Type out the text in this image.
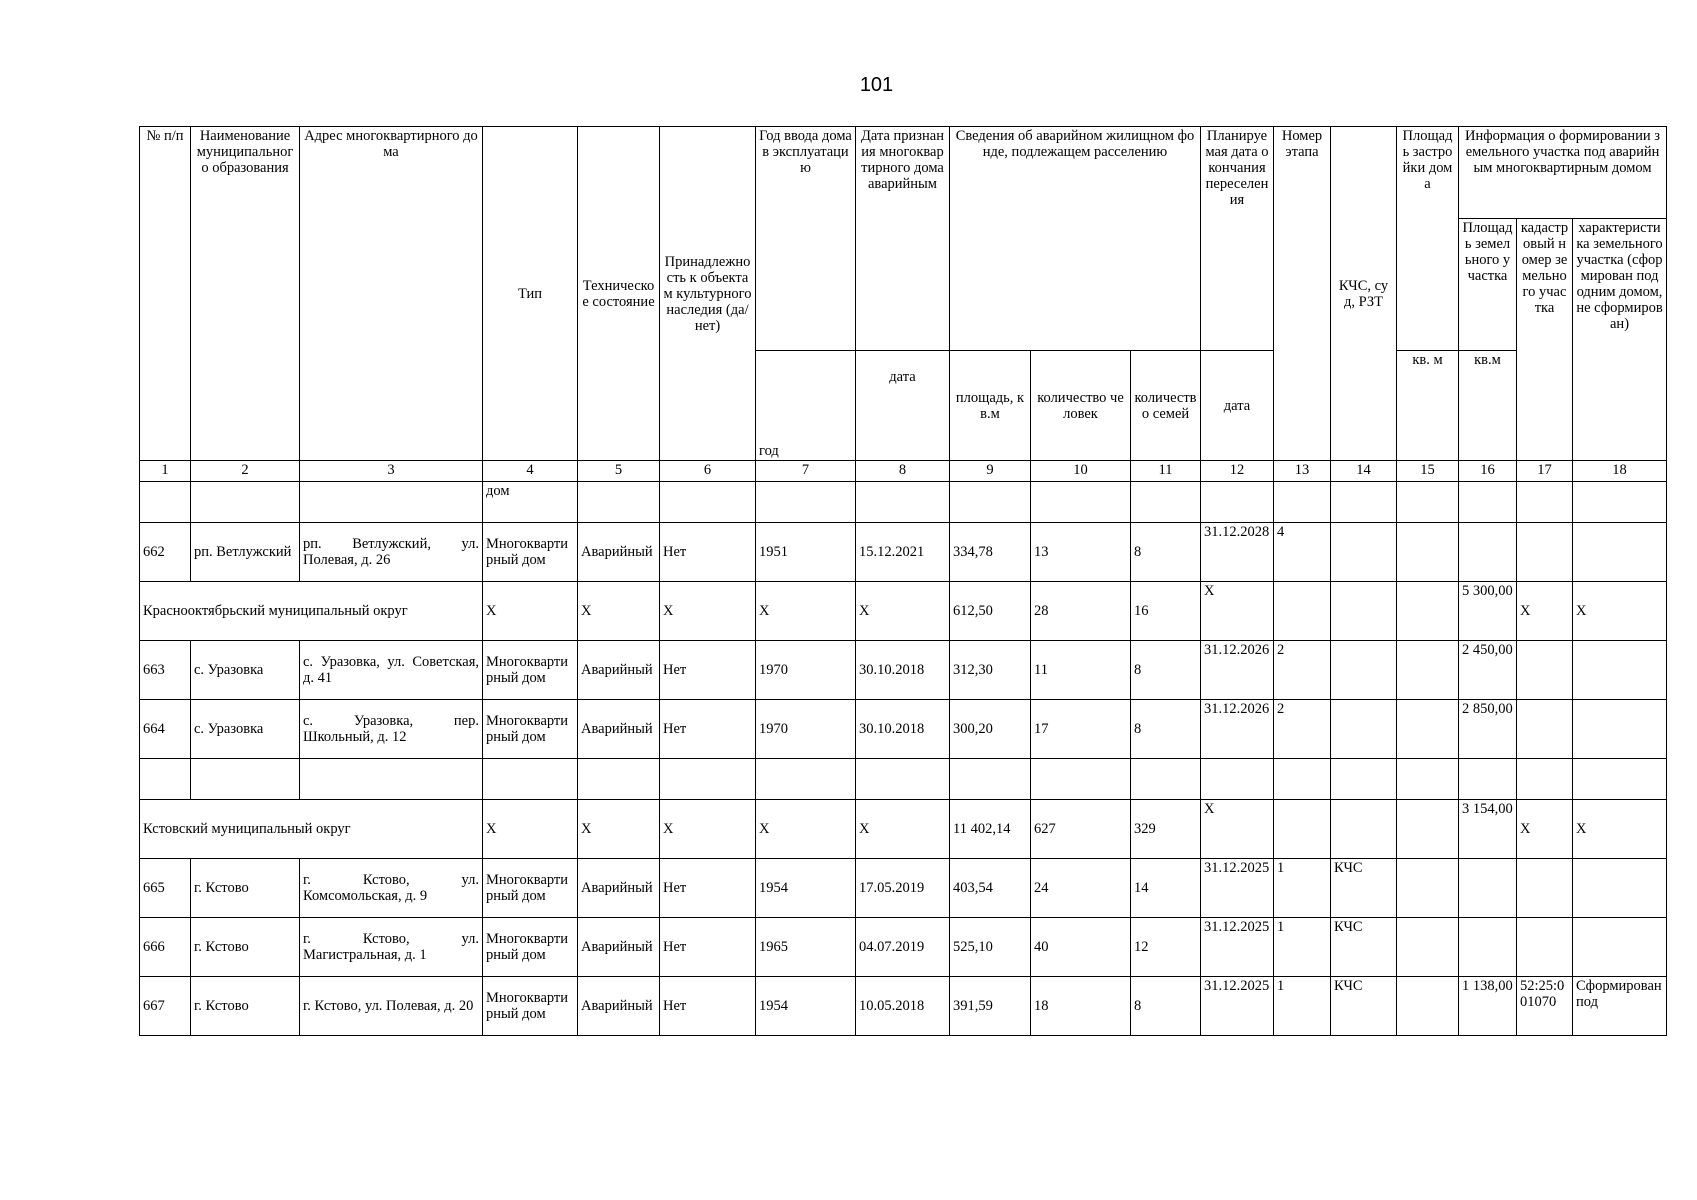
101
№ п/п	Наименование муниципального образования	Адрес многоквартирного дома	Тип	Техническое состояние	Принадлежность к объектам культурного наследия (да/нет)	Год ввода дома в эксплуатацию	Дата признания многоквартирного дома аварийным	Сведения об аварийном жилищном фонде, подлежащем расселению			Планируемая дата окончания переселения	Номер этапа	КЧС, суд, РЗТ	Площадь застройки дома	Информация о формировании земельного участка под аварийным многоквартирным домом		
															Площадь земельного участка	кадастровый номер земельного участка	характеристика земельного участка (сформирован под одним домом, не сформирован)
						год	дата	площадь, кв.м	количество человек	количество семей	дата			кв. м	кв.м		
1	2	3	4	5	6	7	8	9	10	11	12	13	14	15	16	17	18
			дом														
662	рп. Ветлужский	рп. Ветлужский, ул. Полевая, д. 26	Многоквартирный дом	Аварийный	Нет	1951	15.12.2021	334,78	13	8	31.12.2028	4					
Краснооктябрьский муниципальный округ			X	X	X	X	X	612,50	28	16	X				5 300,00	X	X
663	с. Уразовка	с. Уразовка, ул. Советская, д. 41	Многоквартирный дом	Аварийный	Нет	1970	30.10.2018	312,30	11	8	31.12.2026	2			2 450,00		
664	с. Уразовка	с. Уразовка, пер. Школьный, д. 12	Многоквартирный дом	Аварийный	Нет	1970	30.10.2018	300,20	17	8	31.12.2026	2			2 850,00		

Кстовский муниципальный округ			X	X	X	X	X	11 402,14	627	329	X				3 154,00	X	X
665	г. Кстово	г. Кстово, ул. Комсомольская, д. 9	Многоквартирный дом	Аварийный	Нет	1954	17.05.2019	403,54	24	14	31.12.2025	1	КЧС				
666	г. Кстово	г. Кстово, ул. Магистральная, д. 1	Многоквартирный дом	Аварийный	Нет	1965	04.07.2019	525,10	40	12	31.12.2025	1	КЧС				
667	г. Кстово	г. Кстово, ул. Полевая, д. 20	Многоквартирный дом	Аварийный	Нет	1954	10.05.2018	391,59	18	8	31.12.2025	1	КЧС		1 138,00	52:25:001070	Сформирован под
